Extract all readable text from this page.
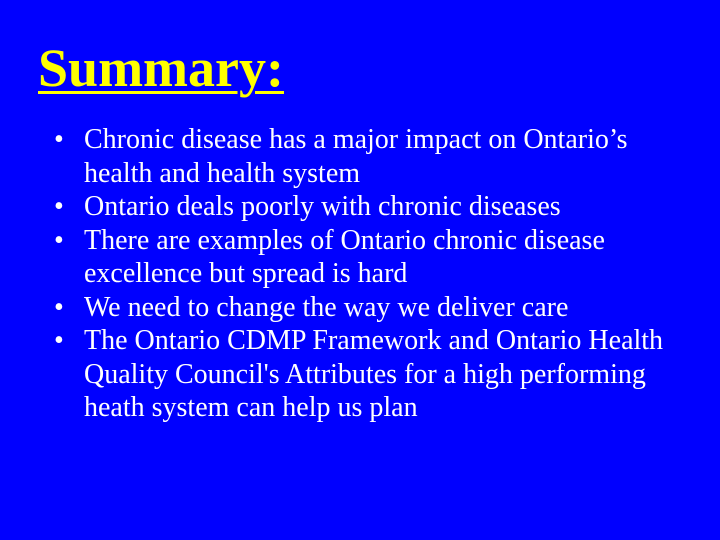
Summary:
• Chronic disease has a major impact on Ontario’s health and health system
• Ontario deals poorly with chronic diseases
• There are examples of Ontario chronic disease excellence but spread is hard
• We need to change the way we deliver care
• The Ontario CDMP Framework and Ontario Health Quality Council's Attributes for a high performing heath system can help us plan
